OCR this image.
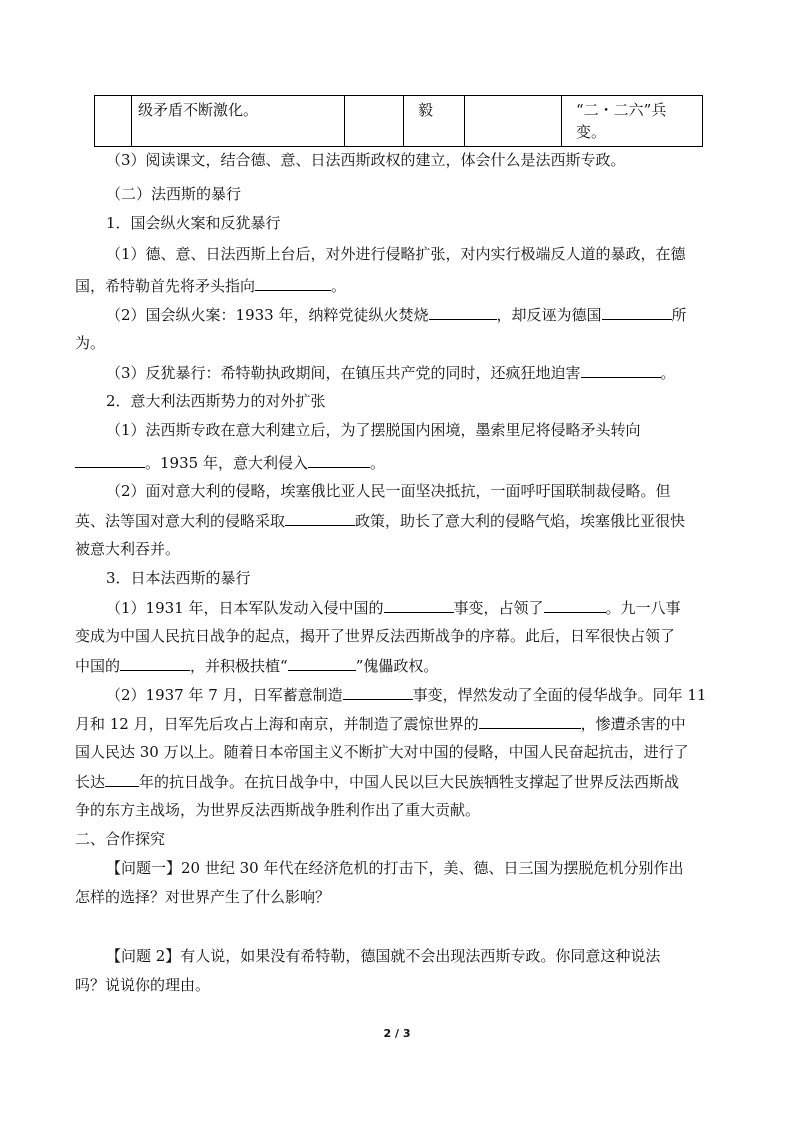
	级矛盾不断激化。		毅		“二・二六”兵
变。
（3）阅读课文，结合德、意、日法西斯政权的建立，体会什么是法西斯专政。
（二）法西斯的暴行
1．国会纵火案和反犹暴行
（1）德、意、日法西斯上台后，对外进行侵略扩张，对内实行极端反人道的暴政，在德
国，希特勒首先将矛头指向	。
（2）国会纵火案：1933 年，纳粹党徒纵火焚烧	，却反诬为德国	所
为。
（3）反犹暴行：希特勒执政期间，在镇压共产党的同时，还疯狂地迫害	。
2．意大利法西斯势力的对外扩张
（1）法西斯专政在意大利建立后，为了摆脱国内困境，墨索里尼将侵略矛头转向
。1935 年，意大利侵入	。
（2）面对意大利的侵略，埃塞俄比亚人民一面坚决抵抗，一面呼吁国联制裁侵略。但
英、法等国对意大利的侵略采取	政策，助长了意大利的侵略气焰，埃塞俄比亚很快
被意大利吞并。
3．日本法西斯的暴行
（1）1931 年，日本军队发动入侵中国的	事变，占领了	。九一八事
变成为中国人民抗日战争的起点，揭开了世界反法西斯战争的序幕。此后，日军很快占领了
中国的	，并积极扶植“	”傀儡政权。
（2）1937 年 7 月，日军蓄意制造	事变，悍然发动了全面的侵华战争。同年 11
月和 12 月，日军先后攻占上海和南京，并制造了震惊世界的	，惨遭杀害的中
国人民达 30 万以上。随着日本帝国主义不断扩大对中国的侵略，中国人民奋起抗击，进行了
长达 年的抗日战争。在抗日战争中，中国人民以巨大民族牺牲支撑起了世界反法西斯战
争的东方主战场，为世界反法西斯战争胜利作出了重大贡献。
二、合作探究
【问题一】20 世纪 30 年代在经济危机的打击下，美、德、日三国为摆脱危机分别作出
怎样的选择？对世界产生了什么影响？
【问题 2】有人说，如果没有希特勒，德国就不会出现法西斯专政。你同意这种说法
吗？说说你的理由。
2 / 3
